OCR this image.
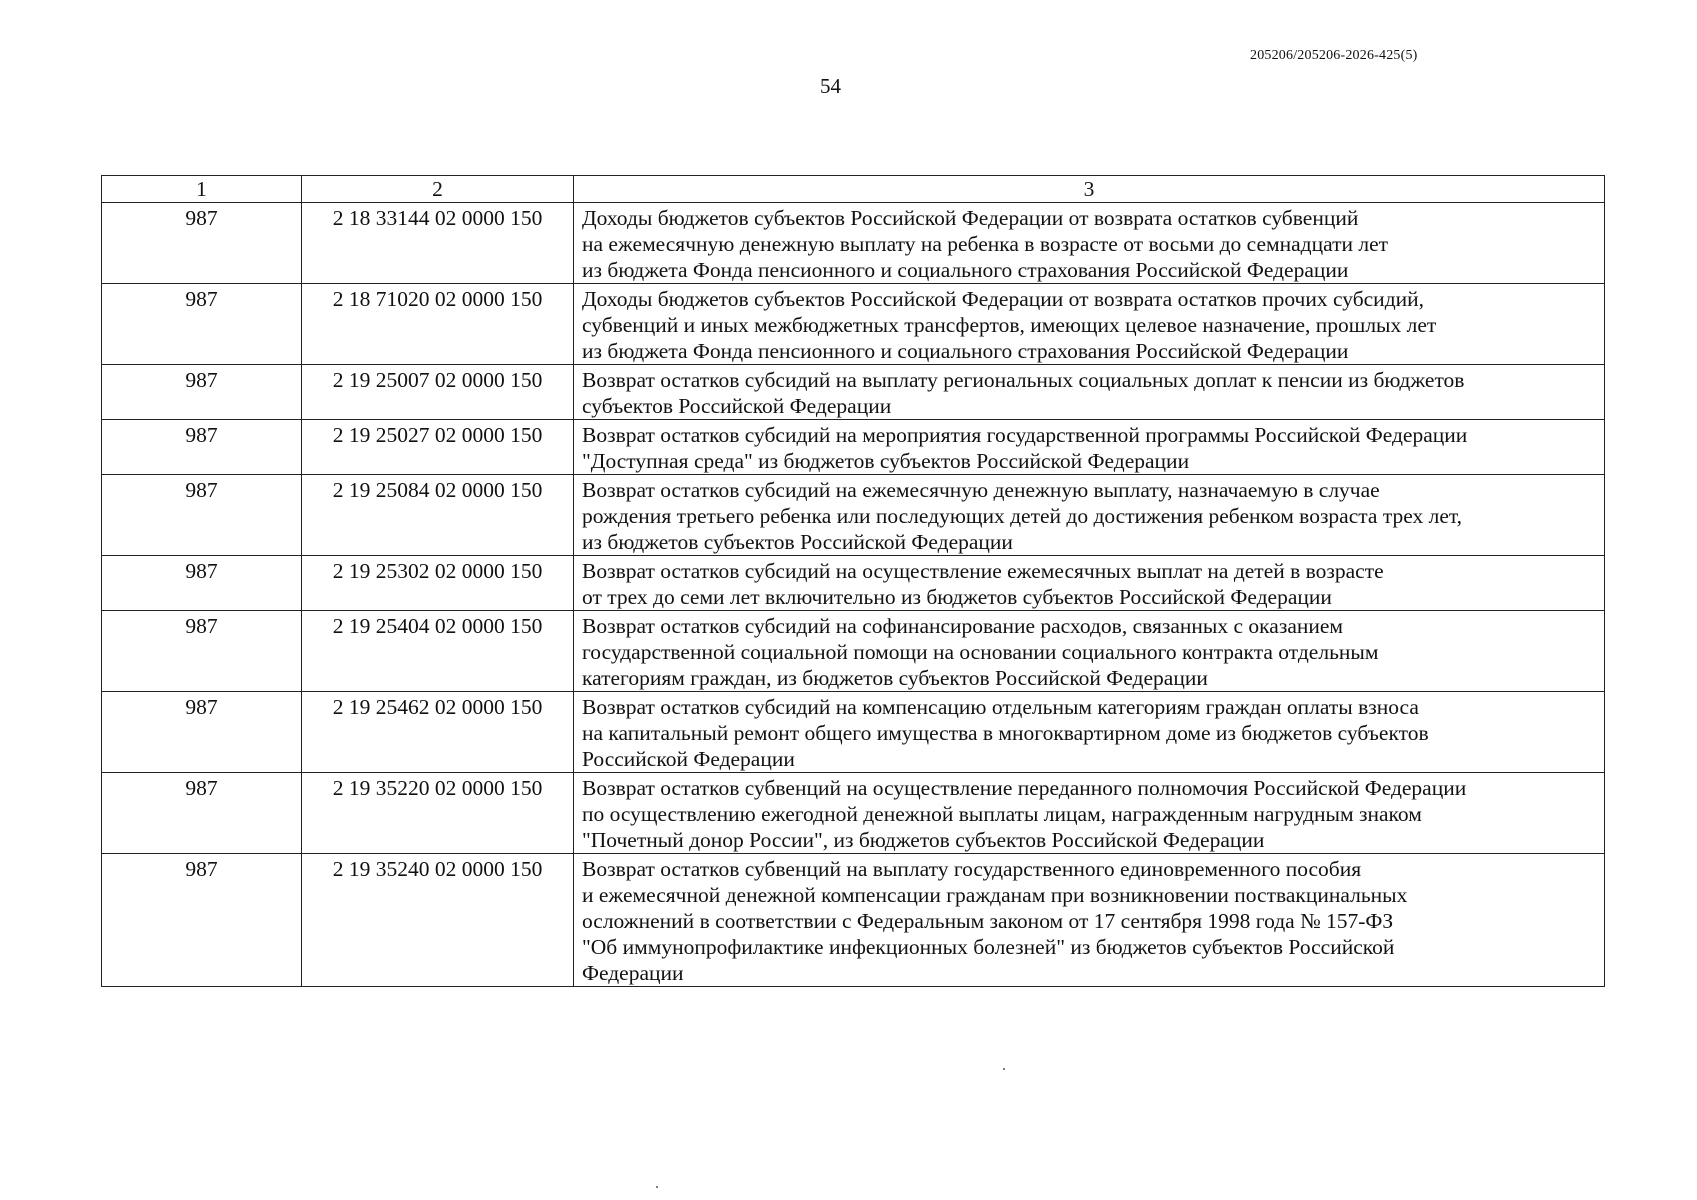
205206/205206-2026-425(5)
54
1	2	3
987	2 18 33144 02 0000 150	Доходы бюджетов субъектов Российской Федерации от возврата остатков субвенций
на ежемесячную денежную выплату на ребенка в возрасте от восьми до семнадцати лет
из бюджета Фонда пенсионного и социального страхования Российской Федерации
987	2 18 71020 02 0000 150	Доходы бюджетов субъектов Российской Федерации от возврата остатков прочих субсидий,
субвенций и иных межбюджетных трансфертов, имеющих целевое назначение, прошлых лет
из бюджета Фонда пенсионного и социального страхования Российской Федерации
987	2 19 25007 02 0000 150	Возврат остатков субсидий на выплату региональных социальных доплат к пенсии из бюджетов
субъектов Российской Федерации
987	2 19 25027 02 0000 150	Возврат остатков субсидий на мероприятия государственной программы Российской Федерации
"Доступная среда" из бюджетов субъектов Российской Федерации
987	2 19 25084 02 0000 150	Возврат остатков субсидий на ежемесячную денежную выплату, назначаемую в случае
рождения третьего ребенка или последующих детей до достижения ребенком возраста трех лет,
из бюджетов субъектов Российской Федерации
987	2 19 25302 02 0000 150	Возврат остатков субсидий на осуществление ежемесячных выплат на детей в возрасте
от трех до семи лет включительно из бюджетов субъектов Российской Федерации
987	2 19 25404 02 0000 150	Возврат остатков субсидий на софинансирование расходов, связанных с оказанием
государственной социальной помощи на основании социального контракта отдельным
категориям граждан, из бюджетов субъектов Российской Федерации
987	2 19 25462 02 0000 150	Возврат остатков субсидий на компенсацию отдельным категориям граждан оплаты взноса
на капитальный ремонт общего имущества в многоквартирном доме из бюджетов субъектов
Российской Федерации
987	2 19 35220 02 0000 150	Возврат остатков субвенций на осуществление переданного полномочия Российской Федерации
по осуществлению ежегодной денежной выплаты лицам, награжденным нагрудным знаком
"Почетный донор России", из бюджетов субъектов Российской Федерации
987	2 19 35240 02 0000 150	Возврат остатков субвенций на выплату государственного единовременного пособия
и ежемесячной денежной компенсации гражданам при возникновении поствакцинальных
осложнений в соответствии с Федеральным законом от 17 сентября 1998 года № 157-ФЗ
"Об иммунопрофилактике инфекционных болезней" из бюджетов субъектов Российской
Федерации
